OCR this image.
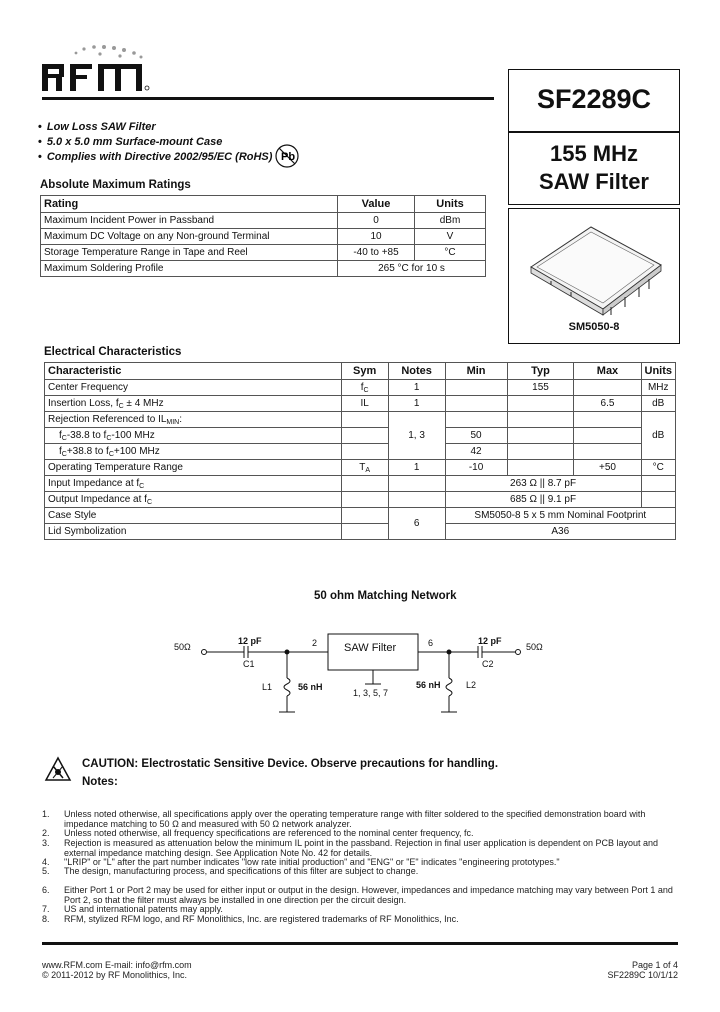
SF2289C
155 MHz
SAW Filter
SM5050-8
• Low Loss SAW Filter
• 5.0 x 5.0 mm Surface-mount Case
• Complies with Directive 2002/95/EC (RoHS) Pb
Absolute Maximum Ratings
Rating	Value	Units
Maximum Incident Power in Passband	0	dBm
Maximum DC Voltage on any Non-ground Terminal	10	V
Storage Temperature Range in Tape and Reel	-40 to +85	°C
Maximum Soldering Profile	265 °C for 10 s	
Electrical Characteristics
Characteristic	Sym	Notes	Min	Typ	Max	Units
Center Frequency	$f_C$	1		155		MHz
Insertion Loss, $f_C \pm 4$ MHz	IL	1			6.5	dB
Rejection Referenced to $IL_{MIN}$:		1, 3				dB
$f_C-38.8$ to $f_C-100$ MHz			50			
$f_C+38.8$ to $f_C+100$ MHz			42			
Operating Temperature Range	$T_A$	1	-10		+50	°C
Input Impedance at $f_C$			263 Ω || 8.7 pF			
Output Impedance at $f_C$			685 Ω || 9.1 pF			
Case Style		6	SM5050-8 5 x 5 mm Nominal Footprint			
Lid Symbolization			A36			
50 ohm Matching Network
50Ω	50Ω
12 pF
C1
12 pF
C2
56 nH
L1	56 nH	L2
SAW Filter
2	6
1, 3, 5, 7
CAUTION: Electrostatic Sensitive Device. Observe precautions for handling.
Notes:
1.	Unless noted otherwise, all specifications apply over the operating temperature range with filter soldered to the specified demonstration board with impedance matching to 50 Ω and measured with 50 Ω network analyzer.
2.	Unless noted otherwise, all frequency specifications are referenced to the nominal center frequency, fc.
3.	Rejection is measured as attenuation below the minimum IL point in the passband. Rejection in final user application is dependent on PCB layout and external impedance matching design. See Application Note No. 42 for details.
4.	"LRIP" or "L" after the part number indicates "low rate initial production" and "ENG" or "E" indicates "engineering prototypes."
5.	The design, manufacturing process, and specifications of this filter are subject to change.
6.	Either Port 1 or Port 2 may be used for either input or output in the design. However, impedances and impedance matching may vary between Port 1 and Port 2, so that the filter must always be installed in one direction per the circuit design.
7.	US and international patents may apply.
8.	RFM, stylized RFM logo, and RF Monolithics, Inc. are registered trademarks of RF Monolithics, Inc.
www.RFM.com E-mail: info@rfm.com
© 2011-2012 by RF Monolithics, Inc.
Page 1 of 4
SF2289C 10/1/12
